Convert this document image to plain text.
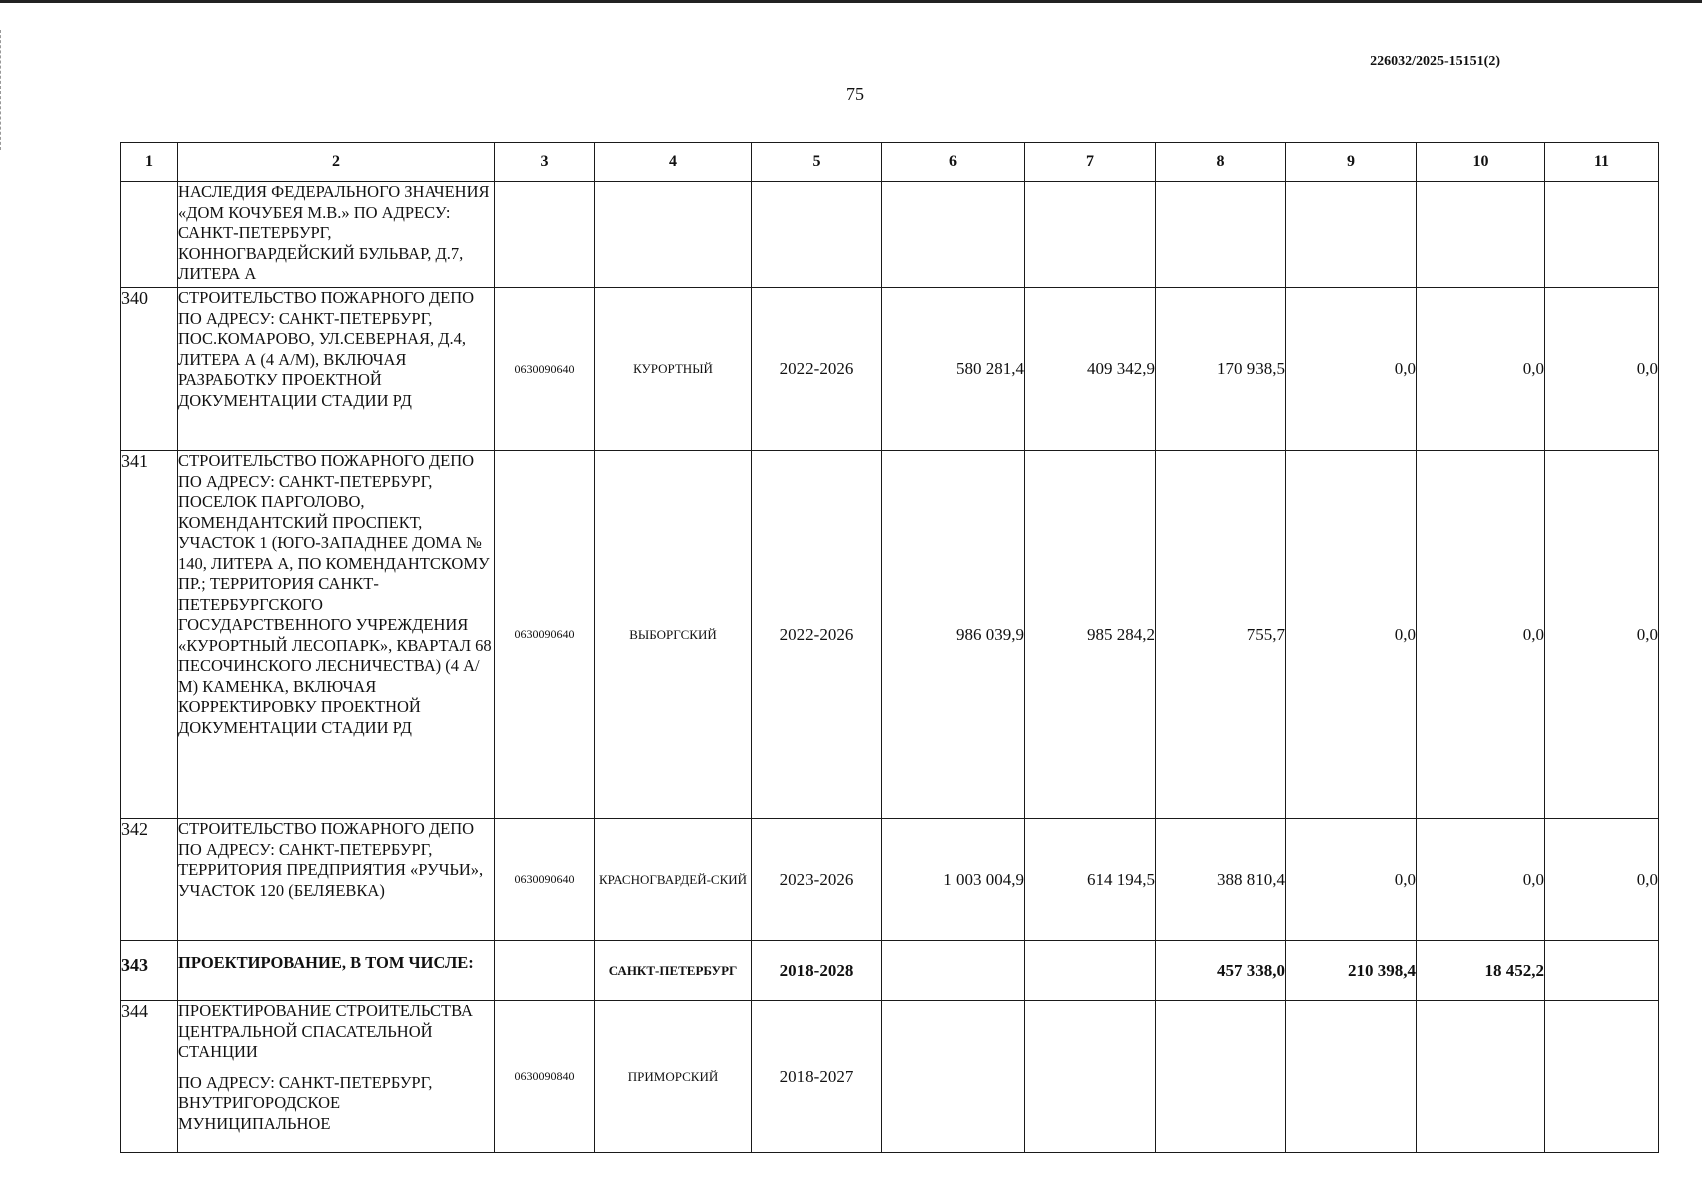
226032/2025-15151(2)
75
1	2	3	4	5	6	7	8	9	10	11
	НАСЛЕДИЯ ФЕДЕРАЛЬНОГО ЗНАЧЕНИЯ «ДОМ КОЧУБЕЯ М.В.» ПО АДРЕСУ: САНКТ-ПЕТЕРБУРГ, КОННОГВАРДЕЙСКИЙ БУЛЬВАР, Д.7, ЛИТЕРА А									
340	СТРОИТЕЛЬСТВО ПОЖАРНОГО ДЕПО ПО АДРЕСУ: САНКТ-ПЕТЕРБУРГ, ПОС.КОМАРОВО, УЛ.СЕВЕРНАЯ, Д.4, ЛИТЕРА А (4 А/М), ВКЛЮЧАЯ РАЗРАБОТКУ ПРОЕКТНОЙ ДОКУМЕНТАЦИИ СТАДИИ РД	0630090640	КУРОРТНЫЙ	2022-2026	580 281,4	409 342,9	170 938,5	0,0	0,0	0,0
341	СТРОИТЕЛЬСТВО ПОЖАРНОГО ДЕПО ПО АДРЕСУ: САНКТ-ПЕТЕРБУРГ, ПОСЕЛОК ПАРГОЛОВО, КОМЕНДАНТСКИЙ ПРОСПЕКТ, УЧАСТОК 1 (ЮГО-ЗАПАДНЕЕ ДОМА № 140, ЛИТЕРА А, ПО КОМЕНДАНТСКОМУ ПР.; ТЕРРИТОРИЯ САНКТ-ПЕТЕРБУРГСКОГО ГОСУДАРСТВЕННОГО УЧРЕЖДЕНИЯ «КУРОРТНЫЙ ЛЕСОПАРК», КВАРТАЛ 68 ПЕСОЧИНСКОГО ЛЕСНИЧЕСТВА) (4 А/М) КАМЕНКА, ВКЛЮЧАЯ КОРРЕКТИРОВКУ ПРОЕКТНОЙ ДОКУМЕНТАЦИИ СТАДИИ РД	0630090640	ВЫБОРГСКИЙ	2022-2026	986 039,9	985 284,2	755,7	0,0	0,0	0,0
342	СТРОИТЕЛЬСТВО ПОЖАРНОГО ДЕПО ПО АДРЕСУ: САНКТ-ПЕТЕРБУРГ, ТЕРРИТОРИЯ ПРЕДПРИЯТИЯ «РУЧЬИ», УЧАСТОК 120 (БЕЛЯЕВКА)	0630090640	КРАСНОГВАРДЕЙ-СКИЙ	2023-2026	1 003 004,9	614 194,5	388 810,4	0,0	0,0	0,0
343	ПРОЕКТИРОВАНИЕ, В ТОМ ЧИСЛЕ:		САНКТ-ПЕТЕРБУРГ	2018-2028			457 338,0	210 398,4	18 452,2	
344	ПРОЕКТИРОВАНИЕ СТРОИТЕЛЬСТВА ЦЕНТРАЛЬНОЙ СПАСАТЕЛЬНОЙ СТАНЦИИ
ПО АДРЕСУ: САНКТ-ПЕТЕРБУРГ, ВНУТРИГОРОДСКОЕ МУНИЦИПАЛЬНОЕ	0630090840	ПРИМОРСКИЙ	2018-2027						
